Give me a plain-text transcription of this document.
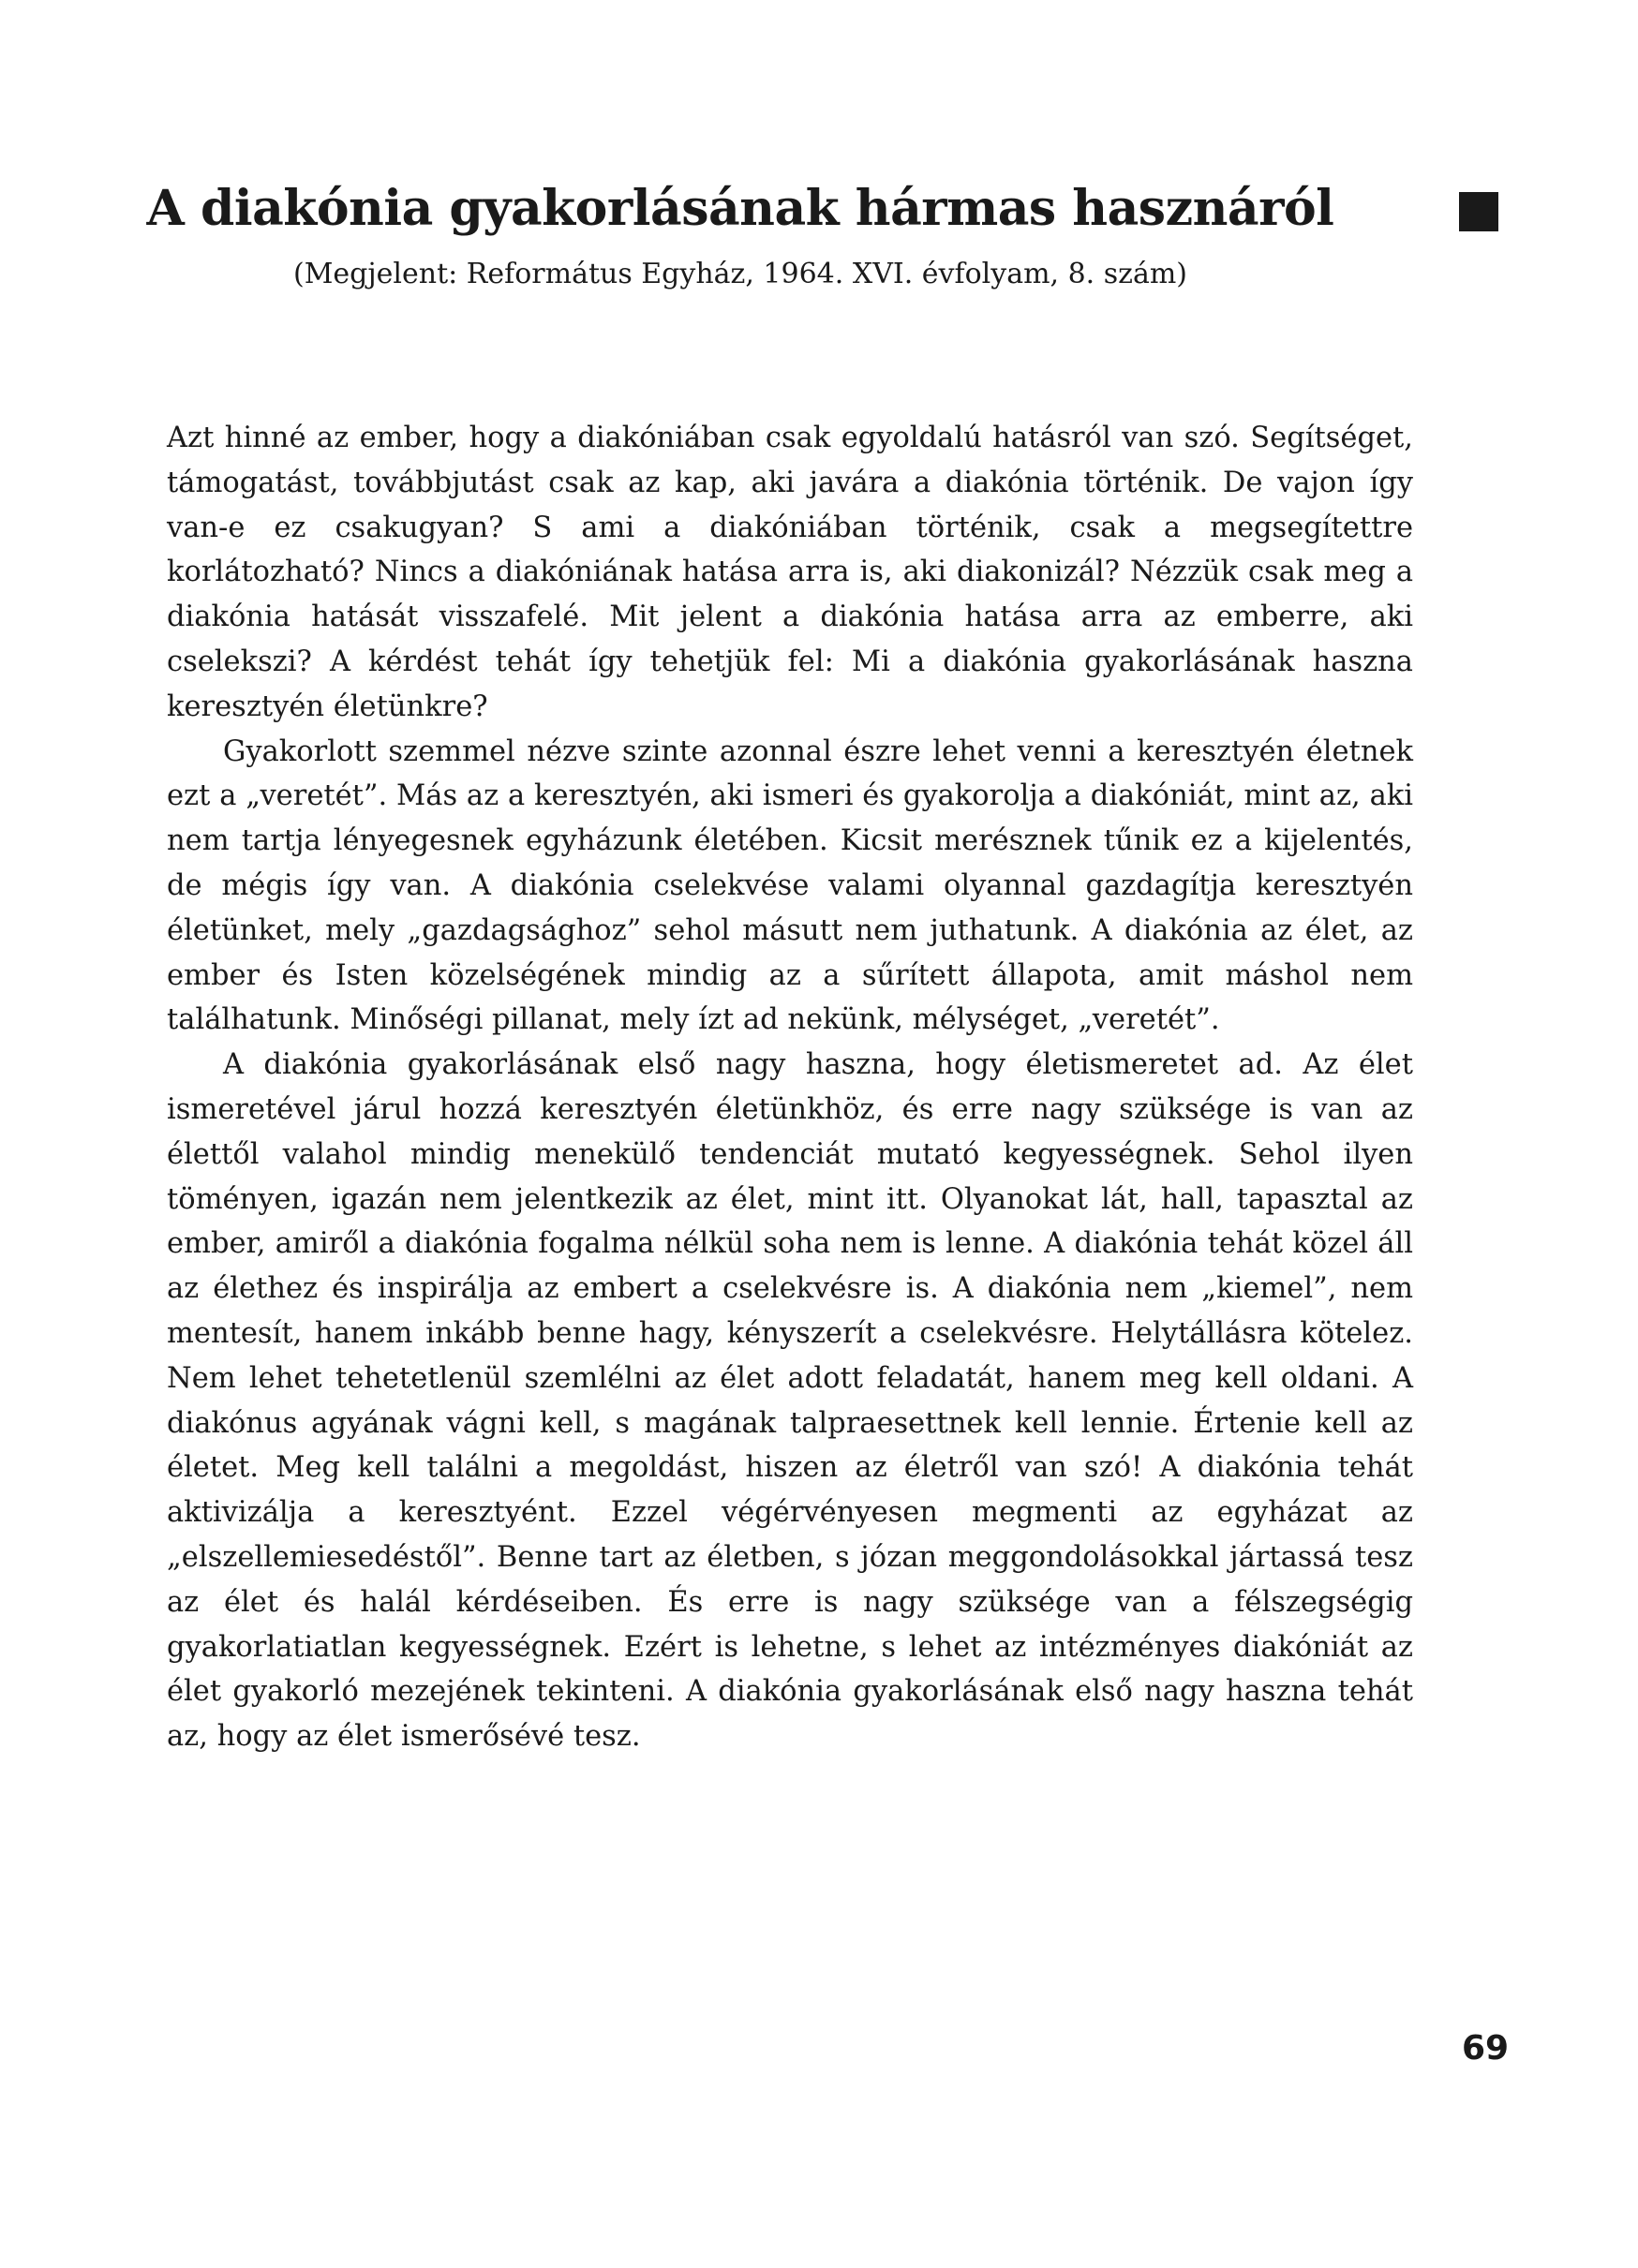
A diakónia gyakorlásának hármas hasznáról

(Megjelent: Református Egyház, 1964. XVI. évfolyam, 8. szám)

Azt hinné az ember, hogy a diakóniában csak egyoldalú hatásról van szó. Segítséget, támogatást, továbbjutást csak az kap, aki javára a diakónia történik. De vajon így van-e ez csakugyan? S ami a diakóniában történik, csak a megsegítettre korlátozható? Nincs a diakóniának hatása arra is, aki diakonizál? Nézzük csak meg a diakónia hatását visszafelé. Mit jelent a diakónia hatása arra az emberre, aki cselekszi? A kérdést tehát így tehetjük fel: Mi a diakónia gyakorlásának haszna keresztyén életünkre?

Gyakorlott szemmel nézve szinte azonnal észre lehet venni a keresztyén életnek ezt a „veretét”. Más az a keresztyén, aki ismeri és gyakorolja a diakóniát, mint az, aki nem tartja lényegesnek egyházunk életében. Kicsit merésznek tűnik ez a kijelentés, de mégis így van. A diakónia cselekvése valami olyannal gazdagítja keresztyén életünket, mely „gazdagsághoz” sehol másutt nem juthatunk. A diakónia az élet, az ember és Isten közelségének mindig az a sűrített állapota, amit máshol nem találhatunk. Minőségi pillanat, mely ízt ad nekünk, mélységet, „veretét”.

A diakónia gyakorlásának első nagy haszna, hogy életismeretet ad. Az élet ismeretével járul hozzá keresztyén életünkhöz, és erre nagy szüksége is van az élettől valahol mindig menekülő tendenciát mutató kegyességnek. Sehol ilyen töményen, igazán nem jelentkezik az élet, mint itt. Olyanokat lát, hall, tapasztal az ember, amiről a diakónia fogalma nélkül soha nem is lenne. A diakónia tehát közel áll az élethez és inspirálja az embert a cselekvésre is. A diakónia nem „kiemel”, nem mentesít, hanem inkább benne hagy, kényszerít a cselekvésre. Helytállásra kötelez. Nem lehet tehetetlenül szemlélni az élet adott feladatát, hanem meg kell oldani. A diakónus agyának vágni kell, s magának talpraesettnek kell lennie. Értenie kell az életet. Meg kell találni a megoldást, hiszen az életről van szó! A diakónia tehát aktivizálja a keresztyént. Ezzel végérvényesen megmenti az egyházat az „elszellemiesedéstől”. Benne tart az életben, s józan meggondolásokkal jártassá tesz az élet és halál kérdéseiben. És erre is nagy szüksége van a félszegségig gyakorlatiatlan kegyességnek. Ezért is lehetne, s lehet az intézményes diakóniát az élet gyakorló mezejének tekinteni. A diakónia gyakorlásának első nagy haszna tehát az, hogy az élet ismerősévé tesz.

69
